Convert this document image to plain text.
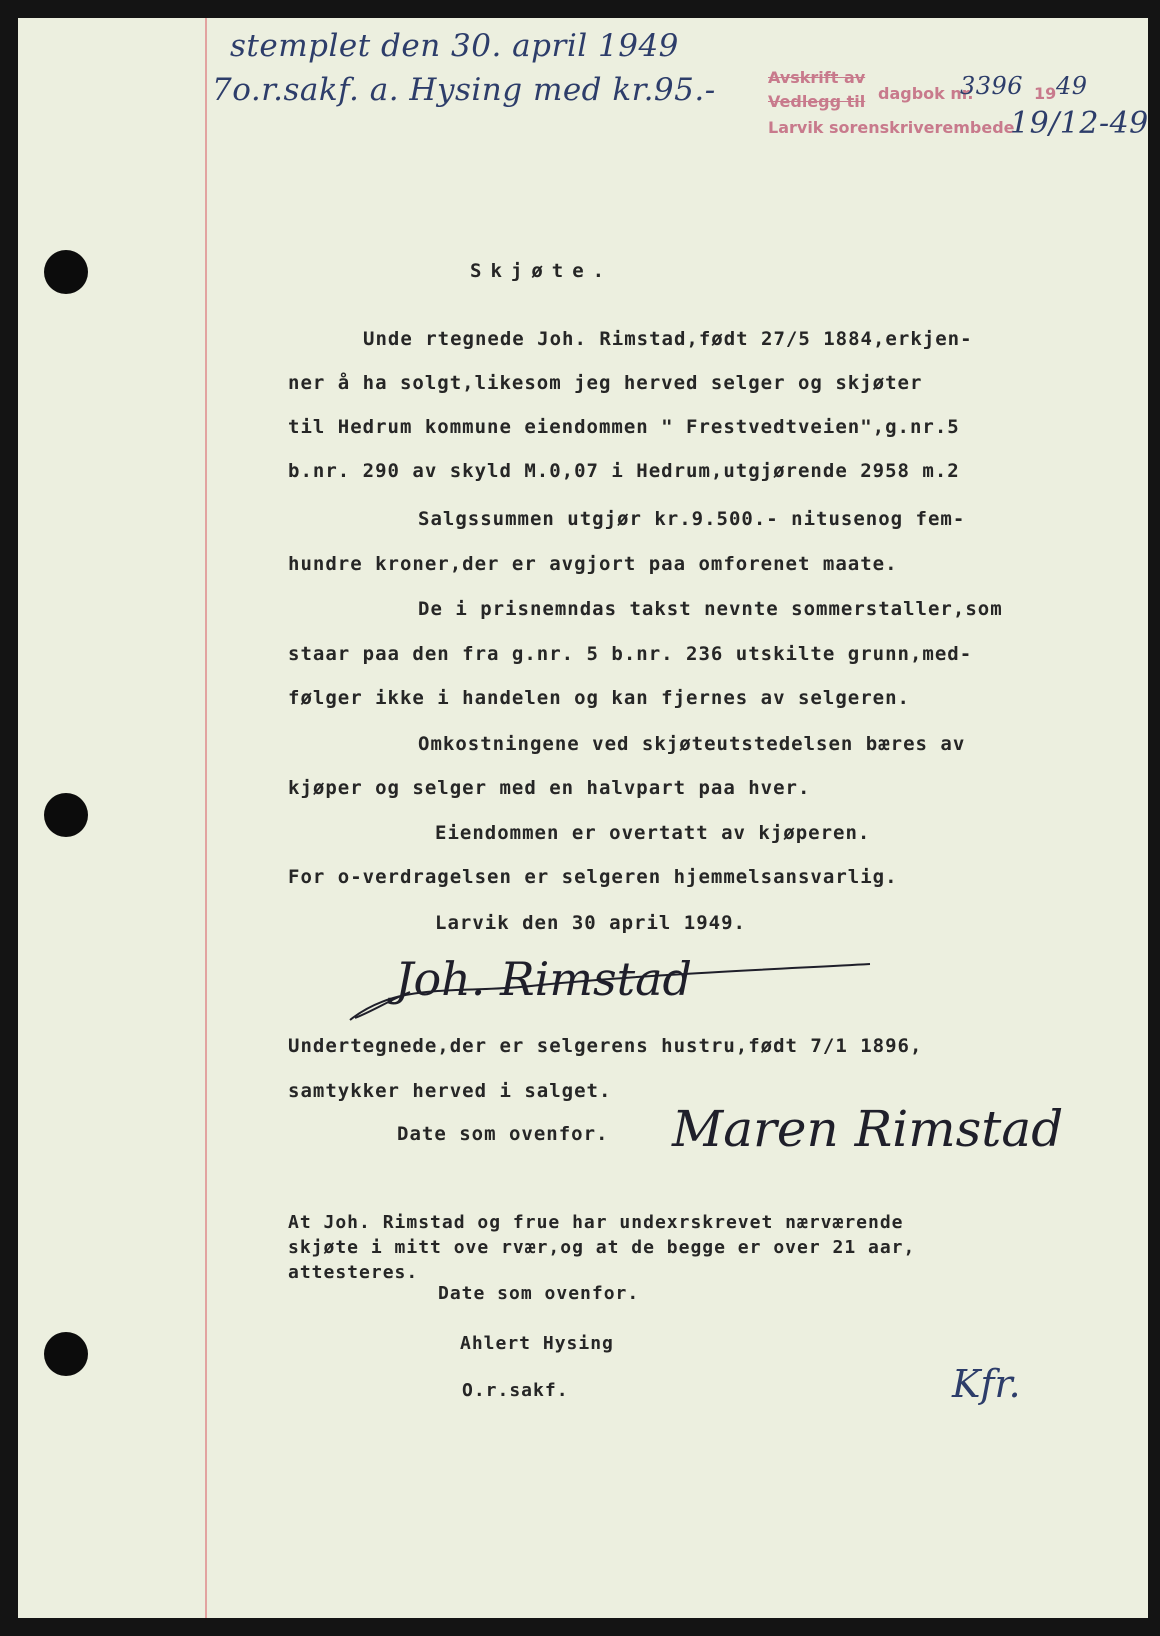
stemplet den 30. april 1949
7o.r.sakf. a. Hysing med kr.95.-	Avskrift av
Vedlegg til dagbok nr.
3396 19 49
Larvik sorenskriverembede
19/12-49
Skjøte.
Unde rtegnede Joh. Rimstad,født 27/5 1884,erkjen-
ner å ha solgt,likesom jeg herved selger og skjøter
til Hedrum kommune eiendommen " Frestvedtveien",g.nr.5
b.nr. 290 av skyld M.0,07 i Hedrum,utgjørende 2958 m.2
Salgssummen utgjør kr.9.500.- nitusenog fem-
hundre kroner,der er avgjort paa omforenet maate.
De i prisnemndas takst nevnte sommerstaller,som
staar paa den fra g.nr. 5 b.nr. 236 utskilte grunn,med-
følger ikke i handelen og kan fjernes av selgeren.
Omkostningene ved skjøteutstedelsen bæres av
kjøper og selger med en halvpart paa hver.
Eiendommen er overtatt av kjøperen.
For o-verdragelsen er selgeren hjemmelsansvarlig.
Larvik den 30 april 1949.
Joh. Rimstad
Undertegnede,der er selgerens hustru,født 7/1 1896,
samtykker herved i salget.
Date som ovenfor. Maren Rimstad
At Joh. Rimstad og frue har undexrskrevet nærværende
skjøte i mitt ove rvær,og at de begge er over 21 aar,
attesteres.
Date som ovenfor.
Ahlert Hysing
O.r.sakf.	Kfr.
